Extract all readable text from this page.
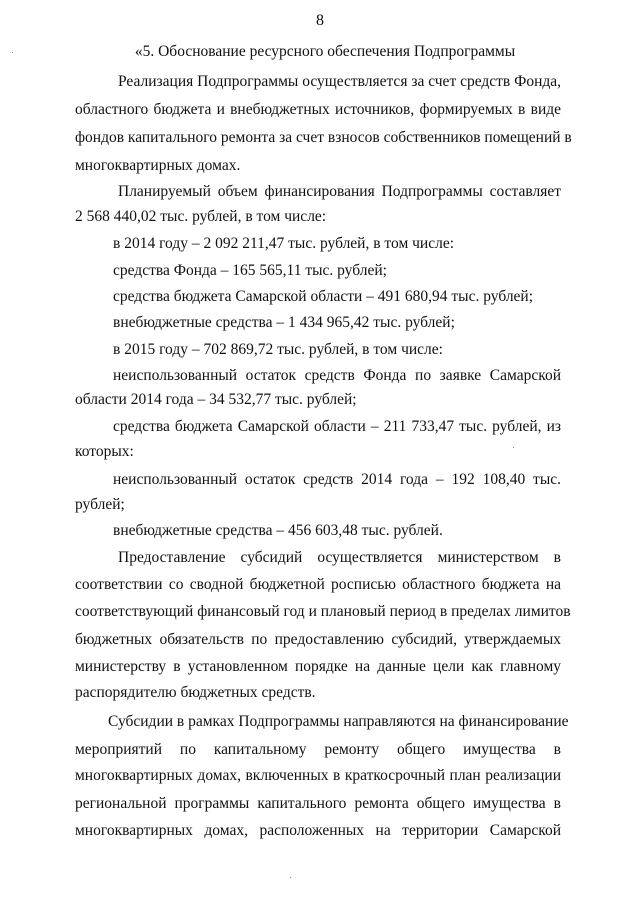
8
«5. Обоснование ресурсного обеспечения Подпрограммы
Реализация Подпрограммы осуществляется за счет средств Фонда,
областного бюджета и внебюджетных источников, формируемых в виде
фондов капитального ремонта за счет взносов собственников помещений в
многоквартирных домах.
Планируемый объем финансирования Подпрограммы составляет
2 568 440,02 тыс. рублей, в том числе:
в 2014 году – 2 092 211,47 тыс. рублей, в том числе:
средства Фонда – 165 565,11 тыс. рублей;
средства бюджета Самарской области – 491 680,94 тыс. рублей;
внебюджетные средства – 1 434 965,42 тыс. рублей;
в 2015 году – 702 869,72 тыс. рублей, в том числе:
неиспользованный остаток средств Фонда по заявке Самарской
области 2014 года – 34 532,77 тыс. рублей;
средства бюджета Самарской области – 211 733,47 тыс. рублей, из
которых:
неиспользованный остаток средств 2014 года – 192 108,40 тыс.
рублей;
внебюджетные средства – 456 603,48 тыс. рублей.
Предоставление субсидий осуществляется министерством в
соответствии со сводной бюджетной росписью областного бюджета на
соответствующий финансовый год и плановый период в пределах лимитов
бюджетных обязательств по предоставлению субсидий, утверждаемых
министерству в установленном порядке на данные цели как главному
распорядителю бюджетных средств.
Субсидии в рамках Подпрограммы направляются на финансирование
мероприятий по капитальному ремонту общего имущества в
многоквартирных домах, включенных в краткосрочный план реализации
региональной программы капитального ремонта общего имущества в
многоквартирных домах, расположенных на территории Самарской
